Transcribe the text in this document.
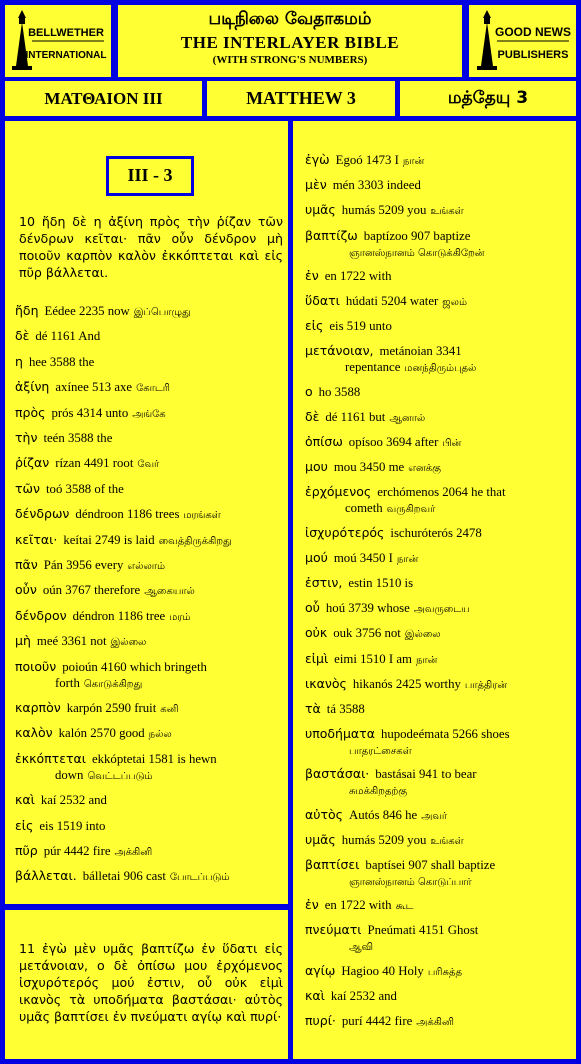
BELLWETHER
INTERNATIONAL
படிநிலை வேதாகமம்
THE INTERLAYER BIBLE
(WITH STRONG'S NUMBERS)
GOOD NEWS
PUBLISHERS
ΜΑΤΘΑΙΟΝ III	MATTHEW 3	மத்தேயு 3
III - 3
10 ἤδη δὲ η ἀξίνη πρὸς τὴν ῥίζαν τῶν δένδρων κεῖται· πᾶν οὖν δένδρον μὴ ποιοῦν καρπὸν καλὸν ἐκκόπτεται καὶ εἰς πῦρ βάλλεται.
ἤδη Eédee 2235 now இப்பொழுது
δὲ dé 1161 And
η hee 3588 the
ἀξίνη axínee 513 axe கோடரி
πρὸς prós 4314 unto அங்கே
τὴν teén 3588 the
ῥίζαν rízan 4491 root வேர்
τῶν toó 3588 of the
δένδρων déndroon 1186 trees மரங்கள்
κεῖται· keítai 2749 is laid வைத்திருக்கிறது
πᾶν Pán 3956 every எல்லாம்
οὖν oún 3767 therefore ஆகையால்
δένδρον déndron 1186 tree மரம்
μὴ meé 3361 not இல்லை
ποιοῦν poioún 4160 which bringeth
forth கொடுக்கிறது
καρπὸν karpón 2590 fruit கனி
καλὸν kalón 2570 good நல்ல
ἐκκόπτεται ekkóptetai 1581 is hewn
down வெட்டப்படும்
καὶ kaí 2532 and
εἰς eis 1519 into
πῦρ púr 4442 fire அக்கினி
βάλλεται. bálletai 906 cast போடப்படும்
11 ἐγὼ μὲν υμᾶς βαπτίζω ἐν ὕδατι εἰς μετάνοιαν, ο δὲ ὀπίσω μου ἐρχόμενος ἰσχυρότερός μού ἐστιν, οὗ οὐκ εἰμὶ ικανὸς τὰ υποδήματα βαστάσαι· αὐτὸς υμᾶς βαπτίσει ἐν πνεύματι αγίῳ καὶ πυρί·
ἐγὼ Egoó 1473 I நான்
μὲν mén 3303 indeed
υμᾶς humás 5209 you உங்கள்
βαπτίζω baptízoo 907 baptize
ஞானஸ்நானம் கொடுக்கிறேன்
ἐν en 1722 with
ὕδατι húdati 5204 water ஜலம்
εἰς eis 519 unto
μετάνοιαν, metánoian 3341
repentance மனந்திரும்புதல்
ο ho 3588
δὲ dé 1161 but ஆனால்
ὀπίσω opísoo 3694 after பின்
μου mou 3450 me எனக்கு
ἐρχόμενος erchómenos 2064 he that
cometh வருகிறவர்
ἰσχυρότερός ischuróterós 2478
μού moú 3450 I நான்
ἐστιν, estin 1510 is
οὗ hoú 3739 whose அவருடைய
οὐκ ouk 3756 not இல்லை
εἰμὶ eimi 1510 I am நான்
ικανὸς hikanós 2425 worthy பாத்திரன்
τὰ tá 3588
υποδήματα hupodeémata 5266 shoes
பாதரட்சைகள்
βαστάσαι· bastásai 941 to bear
சுமக்கிறதற்கு
αὐτὸς Autós 846 he அவர்
υμᾶς humás 5209 you உங்கள்
βαπτίσει baptísei 907 shall baptize
ஞானஸ்நானம் கொடுப்பார்
ἐν en 1722 with கூட
πνεύματι Pneúmati 4151 Ghost
ஆவி
αγίῳ Hagioo 40 Holy பரிசுத்த
καὶ kaí 2532 and
πυρί· purí 4442 fire அக்கினி
